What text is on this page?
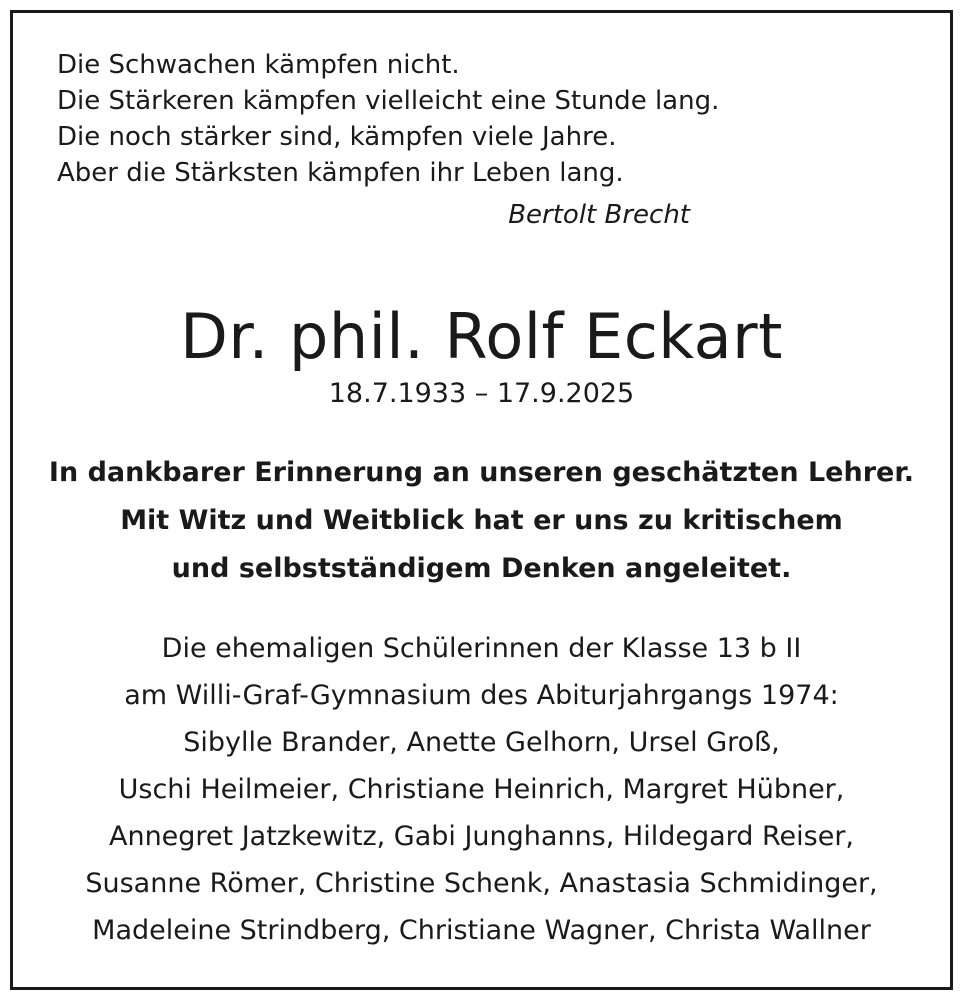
Die Schwachen kämpfen nicht.
Die Stärkeren kämpfen vielleicht eine Stunde lang.
Die noch stärker sind, kämpfen viele Jahre.
Aber die Stärksten kämpfen ihr Leben lang.
Bertolt Brecht
Dr. phil. Rolf Eckart
18.7.1933 – 17.9.2025
In dankbarer Erinnerung an unseren geschätzten Lehrer.
Mit Witz und Weitblick hat er uns zu kritischem
und selbstständigem Denken angeleitet.
Die ehemaligen Schülerinnen der Klasse 13 b II
am Willi-Graf-Gymnasium des Abiturjahrgangs 1974:
Sibylle Brander, Anette Gelhorn, Ursel Groß,
Uschi Heilmeier, Christiane Heinrich, Margret Hübner,
Annegret Jatzkewitz, Gabi Junghanns, Hildegard Reiser,
Susanne Römer, Christine Schenk, Anastasia Schmidinger,
Madeleine Strindberg, Christiane Wagner, Christa Wallner
